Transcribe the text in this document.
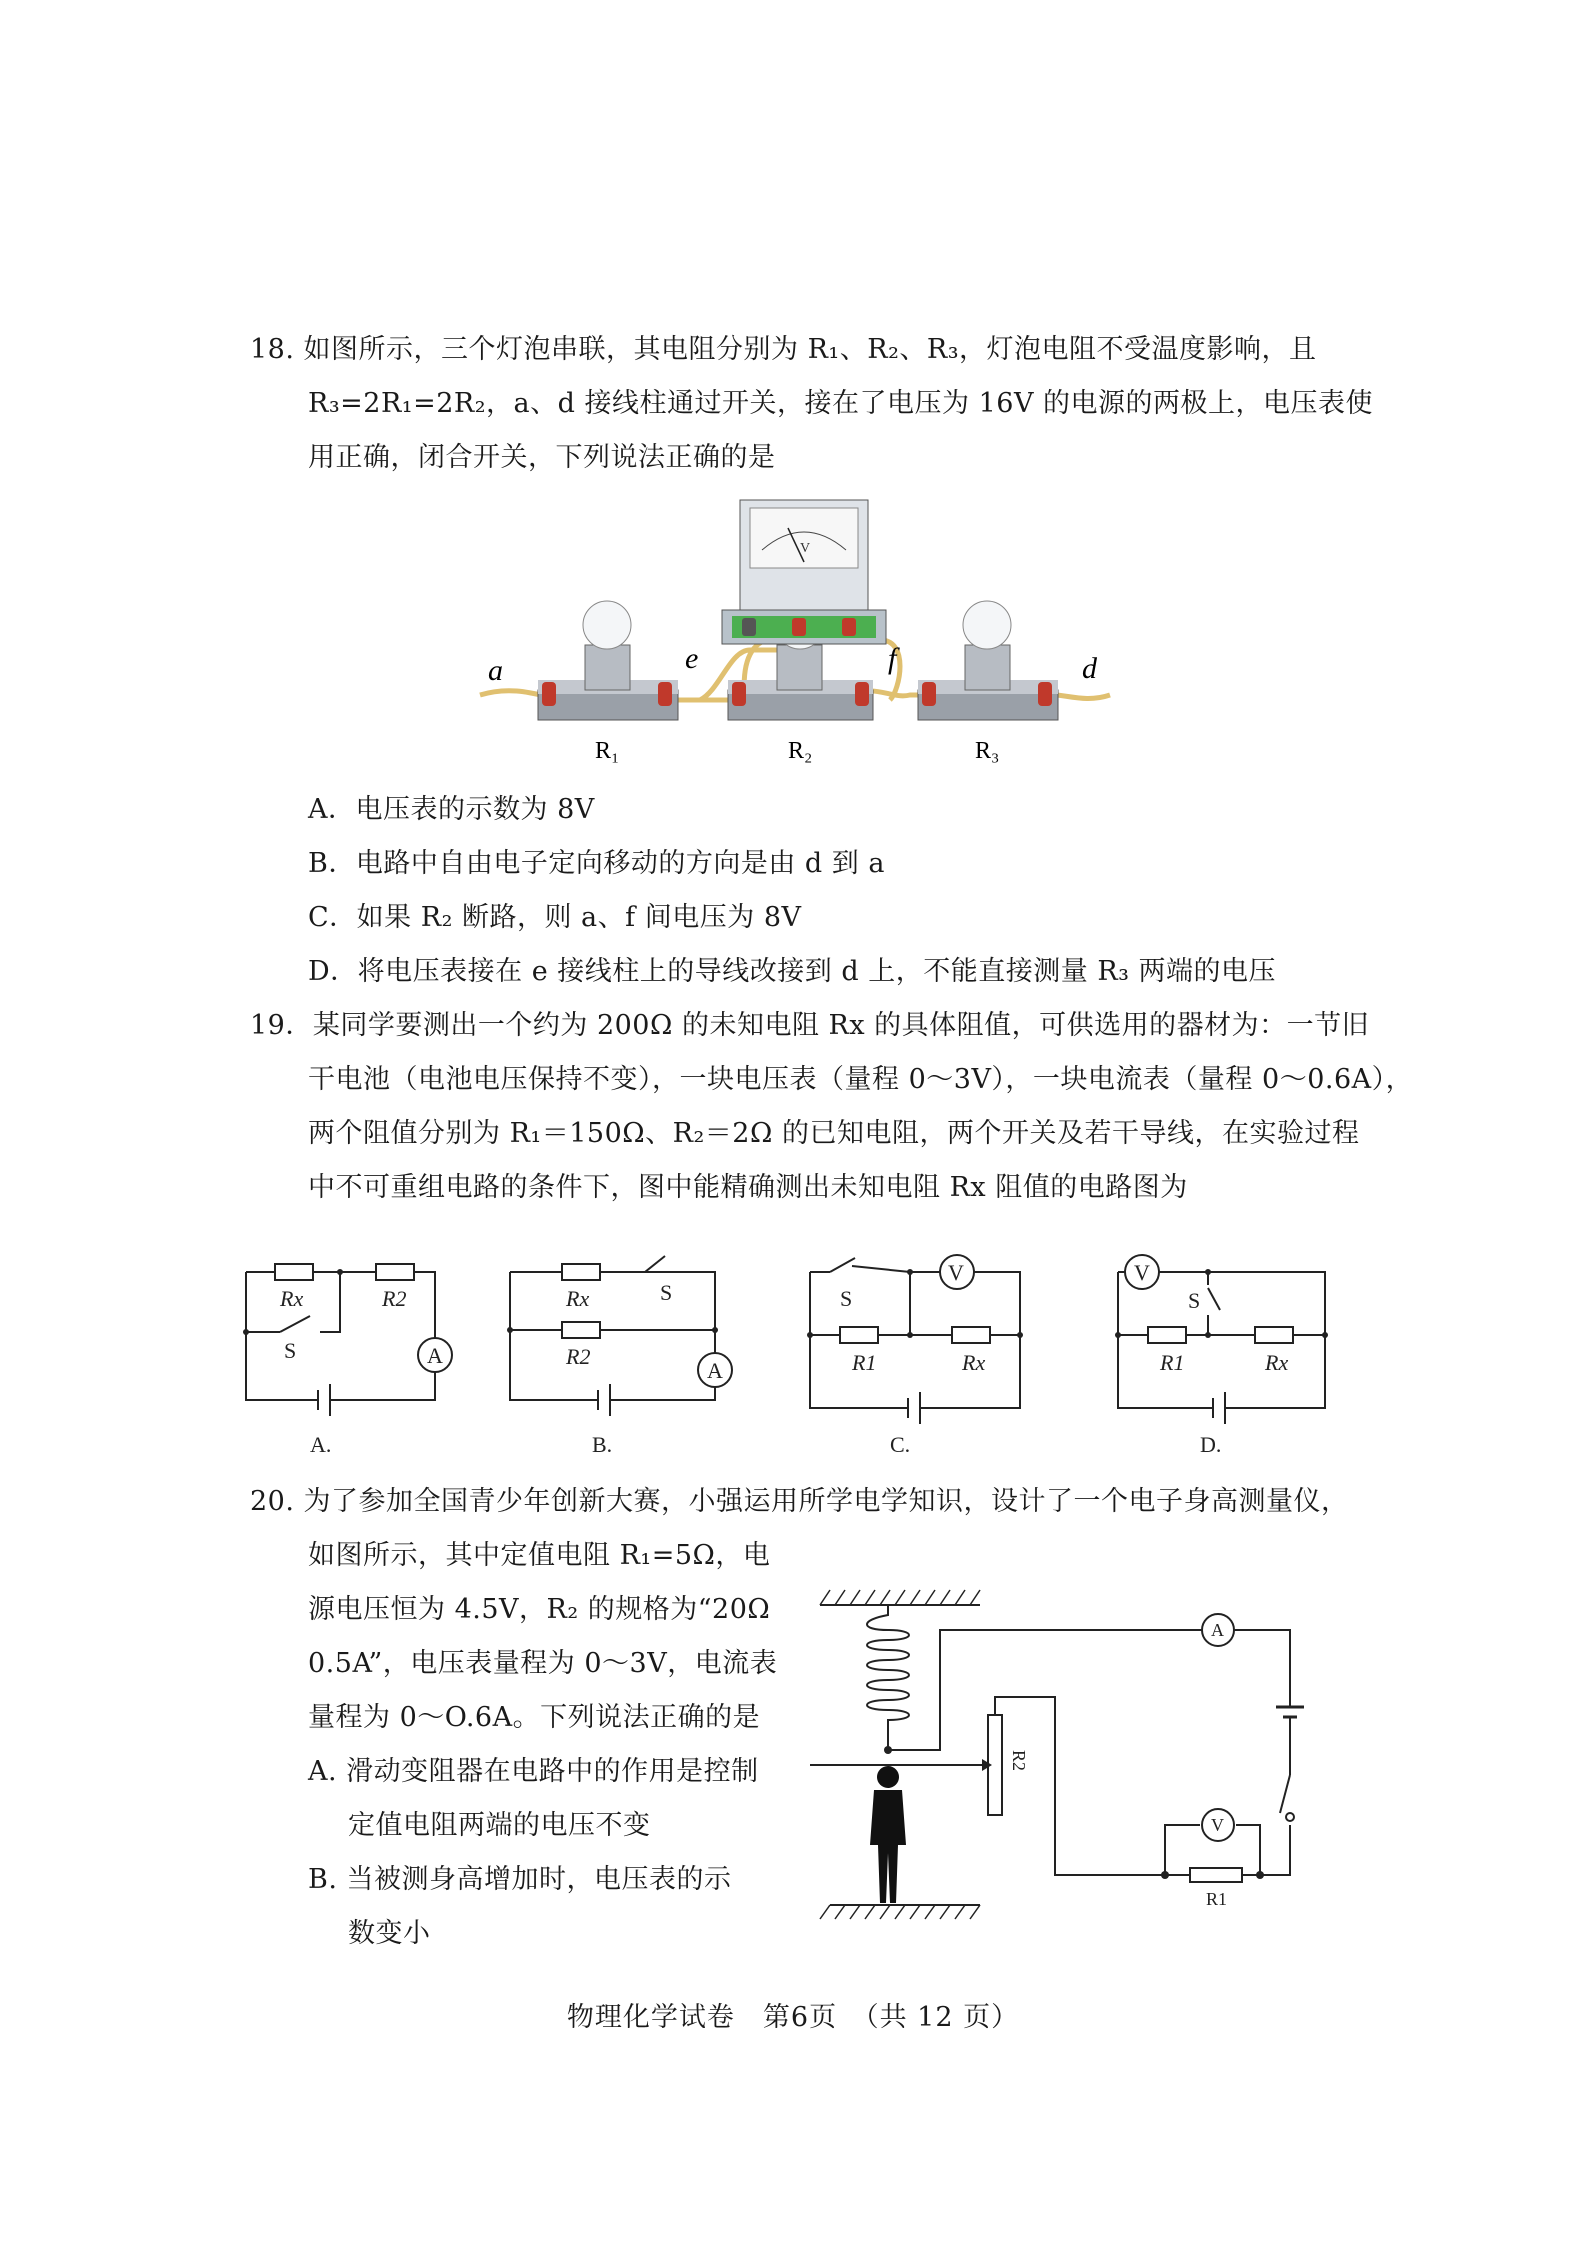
18. 如图所示，三个灯泡串联，其电阻分别为 R₁、R₂、R₃，灯泡电阻不受温度影响，且
R₃=2R₁=2R₂，a、d 接线柱通过开关，接在了电压为 16V 的电源的两极上，电压表使
用正确，闭合开关，下列说法正确的是
V
a	e	f	d
R₁	R₂	R₃
A．电压表的示数为 8V
B．电路中自由电子定向移动的方向是由 d 到 a
C．如果 R₂ 断路，则 a、f 间电压为 8V
D．将电压表接在 e 接线柱上的导线改接到 d 上，不能直接测量 R₃ 两端的电压
19．某同学要测出一个约为 200Ω 的未知电阻 Rx 的具体阻值，可供选用的器材为：一节旧
干电池（电池电压保持不变），一块电压表（量程 0～3V），一块电流表（量程 0～0.6A），
两个阻值分别为 R₁＝150Ω、R₂＝2Ω 的已知电阻，两个开关及若干导线，在实验过程
中不可重组电路的条件下，图中能精确测出未知电阻 Rx 阻值的电路图为
Rx	R2
S	A
A.
Rx	S
R2
A
B.
S
V
R1	Rx
C.
V
S
R1	Rx
D.
20. 为了参加全国青少年创新大赛，小强运用所学电学知识，设计了一个电子身高测量仪，
如图所示，其中定值电阻 R₁=5Ω，电
源电压恒为 4.5V，R₂ 的规格为“20Ω
0.5A”，电压表量程为 0～3V，电流表
量程为 0～O.6A。下列说法正确的是
A. 滑动变阻器在电路中的作用是控制
定值电阻两端的电压不变
B. 当被测身高增加时，电压表的示
数变小
A
V
R1
R2
物理化学试卷　第6页　（共 12 页）
